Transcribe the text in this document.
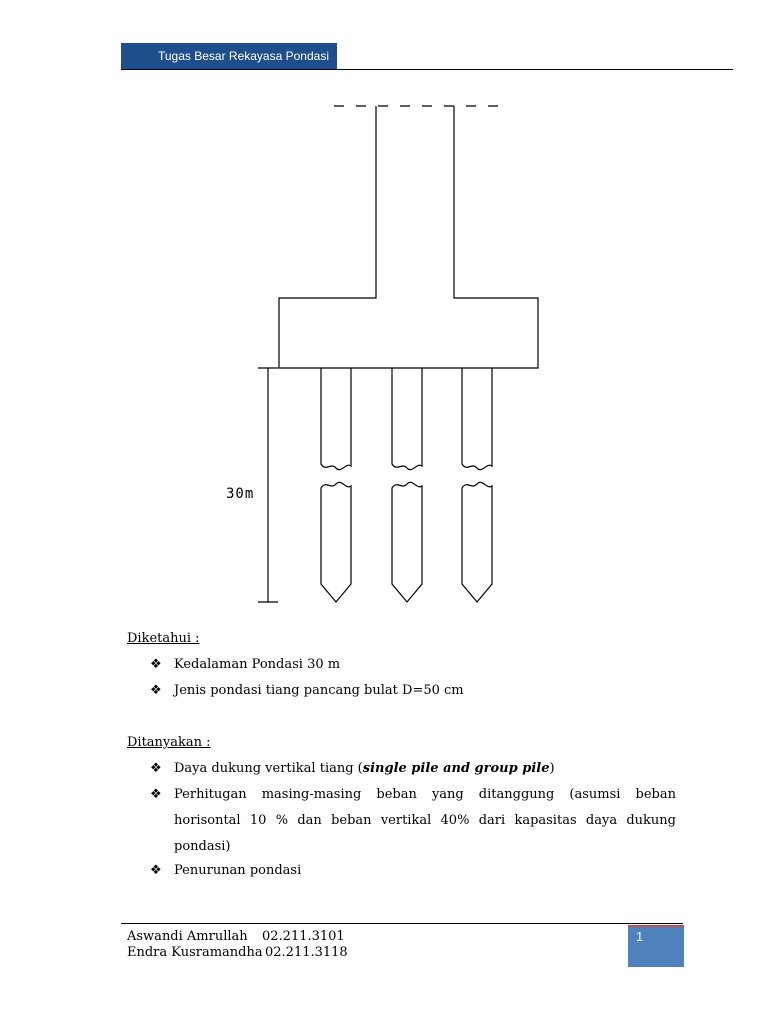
Tugas Besar Rekayasa Pondasi
30m
Diketahui :
❖ Kedalaman Pondasi 30 m
❖ Jenis pondasi tiang pancang bulat D=50 cm
Ditanyakan :
❖ Daya dukung vertikal tiang (single pile and group pile)
❖ Perhitugan masing-masing beban yang ditanggung (asumsi beban
horisontal 10 % dan beban vertikal 40% dari kapasitas daya dukung
pondasi)
❖ Penurunan pondasi
Aswandi Amrullah 02.211.3101
Endra Kusramandha 02.211.3118
1
